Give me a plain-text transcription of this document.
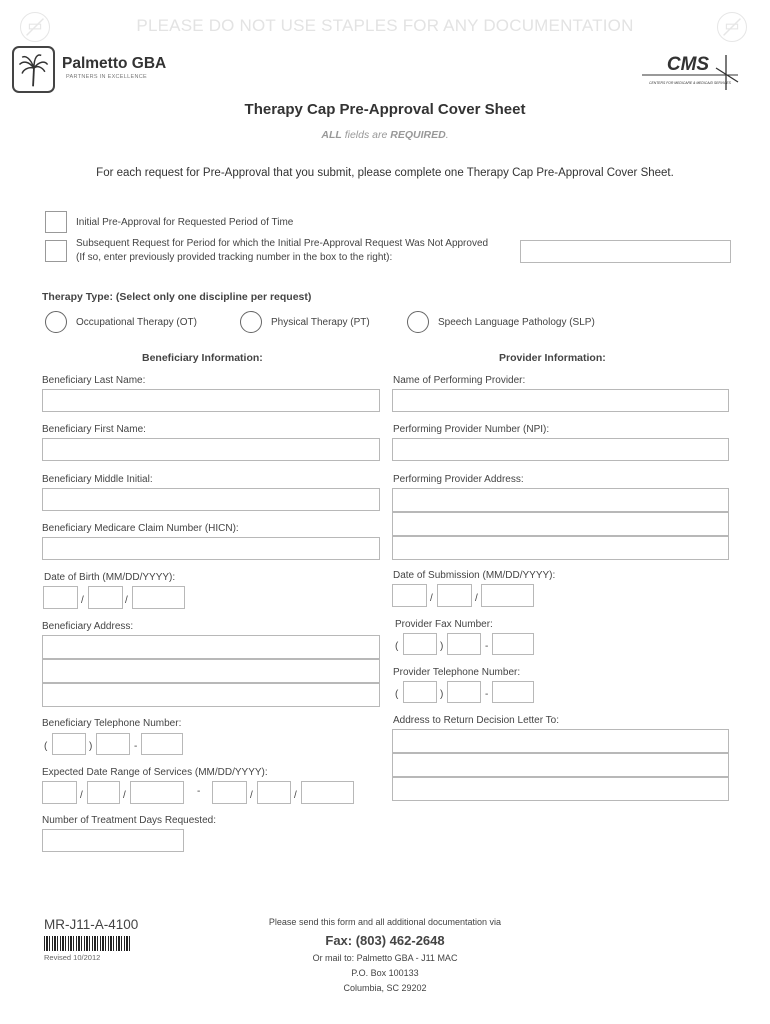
PLEASE DO NOT USE STAPLES FOR ANY DOCUMENTATION
Palmetto GBA
PARTNERS IN EXCELLENCE
CMS
CENTERS FOR MEDICARE & MEDICAID SERVICES
Therapy Cap Pre-Approval Cover Sheet
ALL fields are REQUIRED.
For each request for Pre-Approval that you submit, please complete one Therapy Cap Pre-Approval Cover Sheet.
Initial Pre-Approval for Requested Period of Time
Subsequent Request for Period for which the Initial Pre-Approval Request Was Not Approved
(If so, enter previously provided tracking number in the box to the right):
Therapy Type: (Select only one discipline per request)
Occupational Therapy (OT)	Physical Therapy (PT)	Speech Language Pathology (SLP)
Beneficiary Information:	Provider Information:
Beneficiary Last Name:
Beneficiary First Name:
Beneficiary Middle Initial:
Beneficiary Medicare Claim Number (HICN):
Date of Birth (MM/DD/YYYY):
/	/
Beneficiary Address:
Beneficiary Telephone Number:
(	)	-
Expected Date Range of Services (MM/DD/YYYY):
/	/	-	/	/
Number of Treatment Days Requested:
Name of Performing Provider:
Performing Provider Number (NPI):
Performing Provider Address:
Date of Submission (MM/DD/YYYY):
/	/
Provider Fax Number:
(	)	-
Provider Telephone Number:
(	)	-
Address to Return Decision Letter To:
MR-J11-A-4100
Revised 10/2012
Please send this form and all additional documentation via
Fax: (803) 462-2648
Or mail to: Palmetto GBA - J11 MAC
P.O. Box 100133
Columbia, SC 29202
